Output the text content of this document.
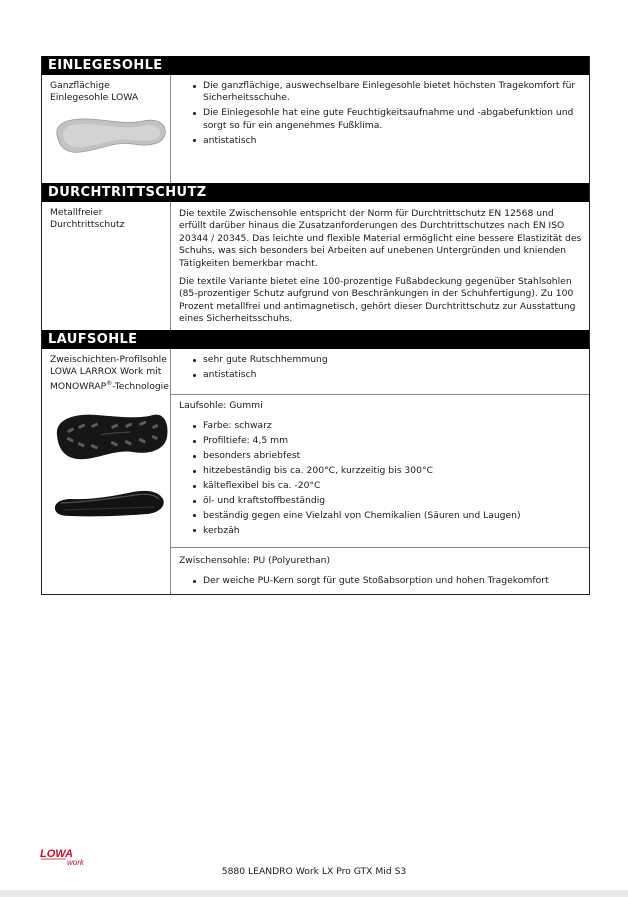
EINLEGESOHLE
Ganzflächige
Einlegesohle LOWA
Die ganzflächige, auswechselbare Einlegesohle bietet höchsten Tragekomfort für Sicherheitsschuhe.
Die Einlegesohle hat eine gute Feuchtigkeitsaufnahme und -abgabefunktion und sorgt so für ein angenehmes Fußklima.
antistatisch
DURCHTRITTSCHUTZ
Metallfreier
Durchtrittschutz

Die textile Zwischensohle entspricht der Norm für Durchtrittschutz EN 12568 und erfüllt darüber hinaus die Zusatzanforderungen des Durchtrittschutzes nach EN ISO 20344 / 20345. Das leichte und flexible Material ermöglicht eine bessere Elastizität des Schuhs, was sich besonders bei Arbeiten auf unebenen Untergründen und knienden Tätigkeiten bemerkbar macht.

Die textile Variante bietet eine 100-prozentige Fußabdeckung gegenüber Stahlsohlen (85-prozentiger Schutz aufgrund von Beschränkungen in der Schuhfertigung). Zu 100 Prozent metallfrei und antimagnetisch, gehört dieser Durchtrittschutz zur Ausstattung eines Sicherheitsschuhs.

LAUFSOHLE
Zweischichten-Profilsohle
LOWA LARROX Work mit
MONOWRAP®-Technologie
sehr gute Rutschhemmung
antistatisch
Laufsohle: Gummi
Farbe: schwarz
Profiltiefe: 4,5 mm
besonders abriebfest
hitzebeständig bis ca. 200°C, kurzzeitig bis 300°C
kälteflexibel bis ca. -20°C
öl- und kraftstoffbeständig
beständig gegen eine Vielzahl von Chemikalien (Säuren und Laugen)
kerbzäh
Zwischensohle: PU (Polyurethan)
Der weiche PU-Kern sorgt für gute Stoßabsorption und hohen Tragekomfort
LOWA
work
5880 LEANDRO Work LX Pro GTX Mid S3
